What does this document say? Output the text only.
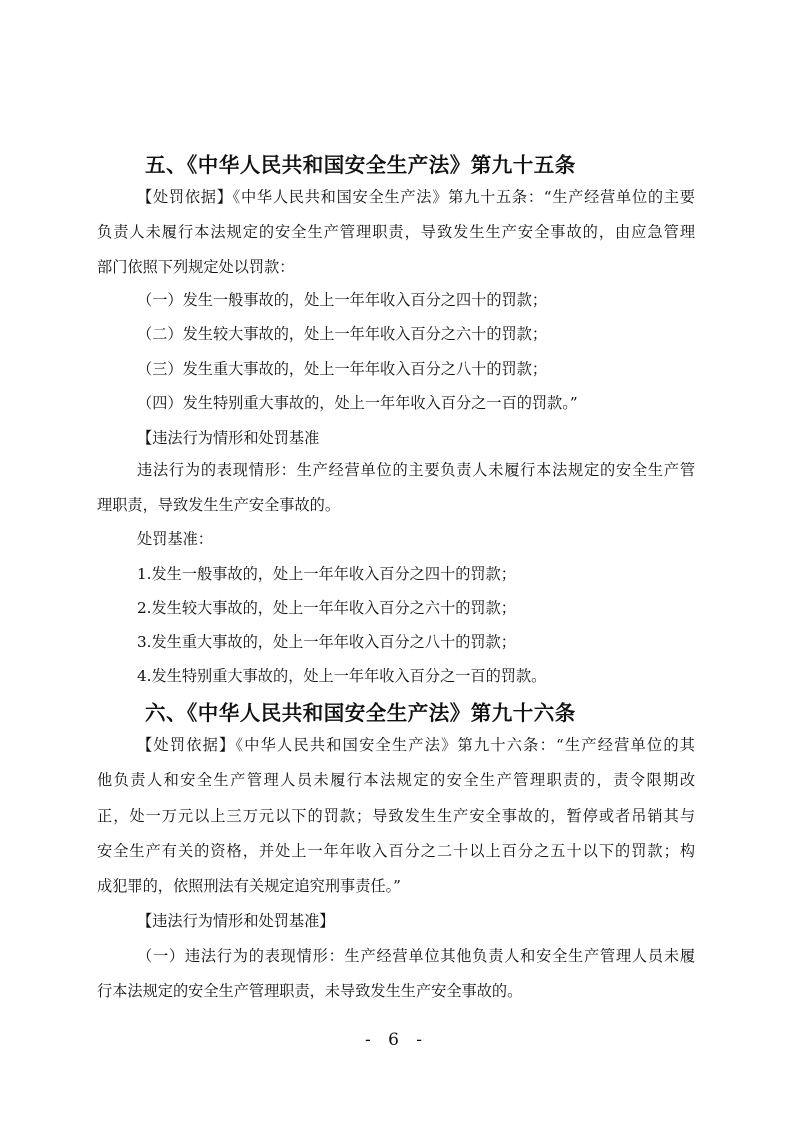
五、《中华人民共和国安全生产法》第九十五条
【处罚依据】《中华人民共和国安全生产法》第九十五条：“生产经营单位的主要
负责人未履行本法规定的安全生产管理职责，导致发生生产安全事故的，由应急管理
部门依照下列规定处以罚款：
（一）发生一般事故的，处上一年年收入百分之四十的罚款；
（二）发生较大事故的，处上一年年收入百分之六十的罚款；
（三）发生重大事故的，处上一年年收入百分之八十的罚款；
（四）发生特别重大事故的，处上一年年收入百分之一百的罚款。”
【违法行为情形和处罚基准
违法行为的表现情形：生产经营单位的主要负责人未履行本法规定的安全生产管
理职责，导致发生生产安全事故的。
处罚基准：
1.发生一般事故的，处上一年年收入百分之四十的罚款；
2.发生较大事故的，处上一年年收入百分之六十的罚款；
3.发生重大事故的，处上一年年收入百分之八十的罚款；
4.发生特别重大事故的，处上一年年收入百分之一百的罚款。
六、《中华人民共和国安全生产法》第九十六条
【处罚依据】《中华人民共和国安全生产法》第九十六条：“生产经营单位的其
他负责人和安全生产管理人员未履行本法规定的安全生产管理职责的，责令限期改
正，处一万元以上三万元以下的罚款；导致发生生产安全事故的，暂停或者吊销其与
安全生产有关的资格，并处上一年年收入百分之二十以上百分之五十以下的罚款；构
成犯罪的，依照刑法有关规定追究刑事责任。”
【违法行为情形和处罚基准】
（一）违法行为的表现情形：生产经营单位其他负责人和安全生产管理人员未履
行本法规定的安全生产管理职责，未导致发生生产安全事故的。
- 6 -
